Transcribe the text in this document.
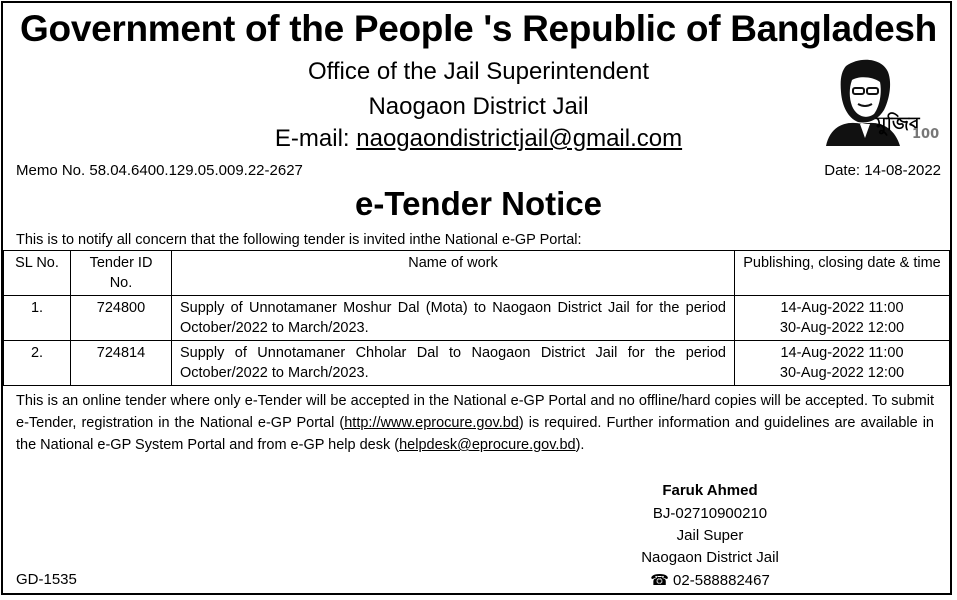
Government of the People 's Republic of Bangladesh
Office of the Jail Superintendent
Naogaon District Jail
E-mail: naogaondistrictjail@gmail.com
মুজিব
100
Memo No. 58.04.6400.129.05.009.22-2627	Date: 14-08-2022
e-Tender Notice
This is to notify all concern that the following tender is invited inthe National e-GP Portal:
SL No.	Tender ID No.	Name of work	Publishing, closing date & time
1.	724800	Supply of Unnotamaner Moshur Dal (Mota) to Naogaon District Jail for the period October/2022 to March/2023.	14-Aug-2022 11:00
30-Aug-2022 12:00

2.	724814	Supply of Unnotamaner Chholar Dal to Naogaon District Jail for the period October/2022 to March/2023.	14-Aug-2022 11:00
30-Aug-2022 12:00
This is an online tender where only e-Tender will be accepted in the National e-GP Portal and no offline/hard copies will be accepted. To submit e-Tender, registration in the National e-GP Portal (http://www.eprocure.gov.bd) is required. Further information and guidelines are available in the National e-GP System Portal and from e-GP help desk (helpdesk@eprocure.gov.bd).
Faruk Ahmed
BJ-02710900210
Jail Super
Naogaon District Jail
☎ 02-588882467
GD-1535
